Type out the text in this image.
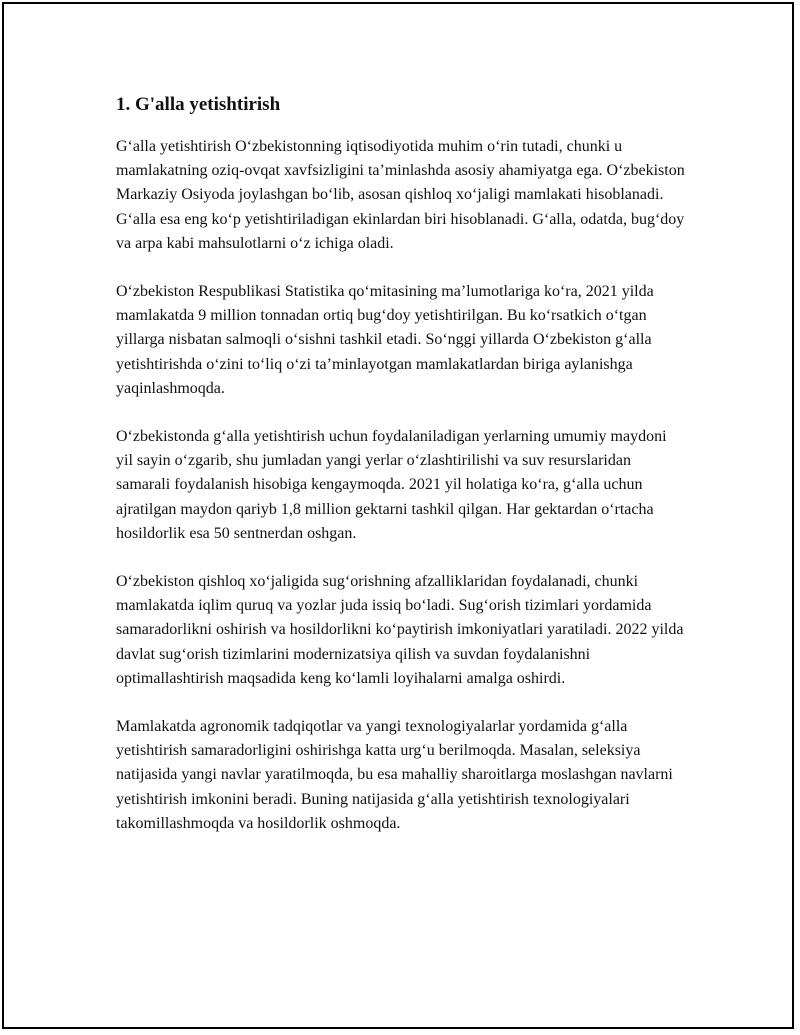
1. G'alla yetishtirish

G‘alla yetishtirish O‘zbekistonning iqtisodiyotida muhim o‘rin tutadi, chunki u mamlakatning oziq-ovqat xavfsizligini ta’minlashda asosiy ahamiyatga ega. O‘zbekiston Markaziy Osiyoda joylashgan bo‘lib, asosan qishloq xo‘jaligi mamlakati hisoblanadi. G‘alla esa eng ko‘p yetishtiriladigan ekinlardan biri hisoblanadi. G‘alla, odatda, bug‘doy va arpa kabi mahsulotlarni o‘z ichiga oladi.

O‘zbekiston Respublikasi Statistika qo‘mitasining ma’lumotlariga ko‘ra, 2021 yilda mamlakatda 9 million tonnadan ortiq bug‘doy yetishtirilgan. Bu ko‘rsatkich o‘tgan yillarga nisbatan salmoqli o‘sishni tashkil etadi. So‘nggi yillarda O‘zbekiston g‘alla yetishtirishda o‘zini to‘liq o‘zi ta’minlayotgan mamlakatlardan biriga aylanishga yaqinlashmoqda.

O‘zbekistonda g‘alla yetishtirish uchun foydalaniladigan yerlarning umumiy maydoni yil sayin o‘zgarib, shu jumladan yangi yerlar o‘zlashtirilishi va suv resurslaridan samarali foydalanish hisobiga kengaymoqda. 2021 yil holatiga ko‘ra, g‘alla uchun ajratilgan maydon qariyb 1,8 million gektarni tashkil qilgan. Har gektardan o‘rtacha hosildorlik esa 50 sentnerdan oshgan.

O‘zbekiston qishloq xo‘jaligida sug‘orishning afzalliklaridan foydalanadi, chunki mamlakatda iqlim quruq va yozlar juda issiq bo‘ladi. Sug‘orish tizimlari yordamida samaradorlikni oshirish va hosildorlikni ko‘paytirish imkoniyatlari yaratiladi. 2022 yilda davlat sug‘orish tizimlarini modernizatsiya qilish va suvdan foydalanishni optimallashtirish maqsadida keng ko‘lamli loyihalarni amalga oshirdi.

Mamlakatda agronomik tadqiqotlar va yangi texnologiyalarlar yordamida g‘alla yetishtirish samaradorligini oshirishga katta urg‘u berilmoqda. Masalan, seleksiya natijasida yangi navlar yaratilmoqda, bu esa mahalliy sharoitlarga moslashgan navlarni yetishtirish imkonini beradi. Buning natijasida g‘alla yetishtirish texnologiyalari takomillashmoqda va hosildorlik oshmoqda.
